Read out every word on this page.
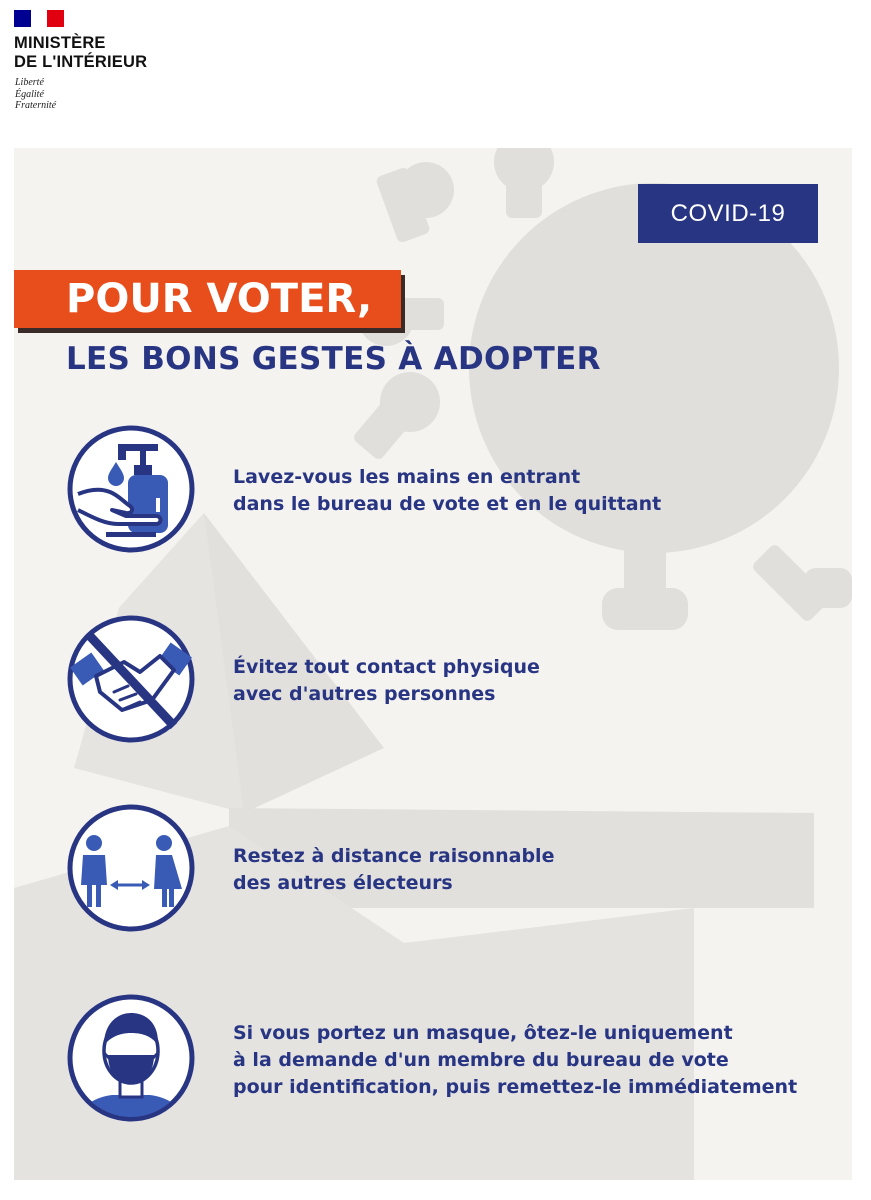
MINISTÈRE
DE L'INTÉRIEUR
Liberté
Égalité
Fraternité
COVID-19
POUR VOTER,
LES BONS GESTES À ADOPTER
Lavez-vous les mains en entrant
dans le bureau de vote et en le quittant
Évitez tout contact physique
avec d'autres personnes
Restez à distance raisonnable
des autres électeurs
Si vous portez un masque, ôtez-le uniquement
à la demande d'un membre du bureau de vote
pour identification, puis remettez-le immédiatement
